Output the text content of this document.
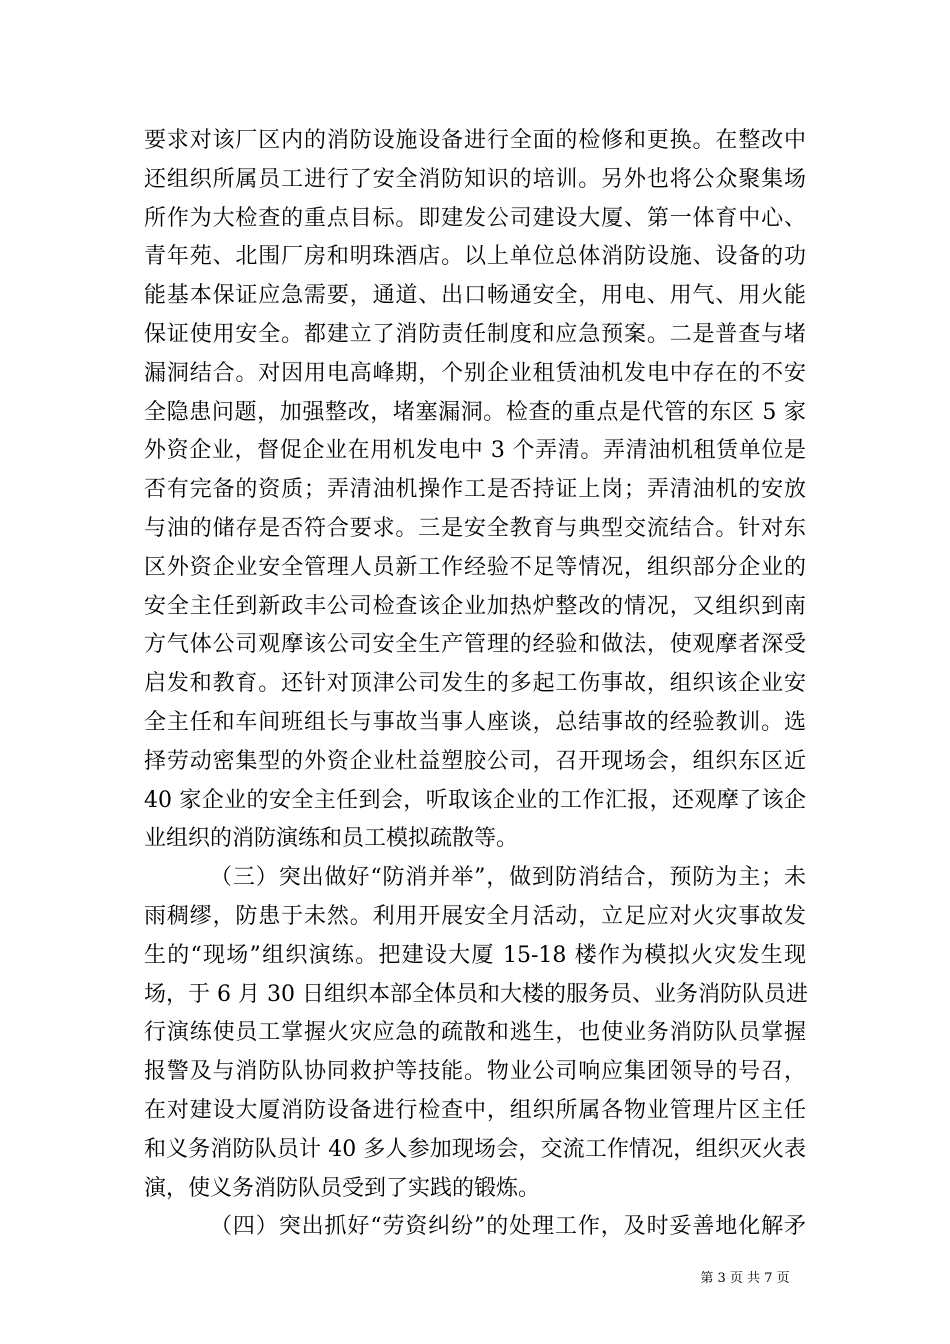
要求对该厂区内的消防设施设备进行全面的检修和更换。在整改中
还组织所属员工进行了安全消防知识的培训。另外也将公众聚集场
所作为大检查的重点目标。即建发公司建设大厦、第一体育中心、
青年苑、北围厂房和明珠酒店。以上单位总体消防设施、设备的功
能基本保证应急需要，通道、出口畅通安全，用电、用气、用火能
保证使用安全。都建立了消防责任制度和应急预案。二是普查与堵
漏洞结合。对因用电高峰期，个别企业租赁油机发电中存在的不安
全隐患问题，加强整改，堵塞漏洞。检查的重点是代管的东区 5 家
外资企业，督促企业在用机发电中 3 个弄清。弄清油机租赁单位是
否有完备的资质；弄清油机操作工是否持证上岗；弄清油机的安放
与油的储存是否符合要求。三是安全教育与典型交流结合。针对东
区外资企业安全管理人员新工作经验不足等情况，组织部分企业的
安全主任到新政丰公司检查该企业加热炉整改的情况，又组织到南
方气体公司观摩该公司安全生产管理的经验和做法，使观摩者深受
启发和教育。还针对顶津公司发生的多起工伤事故，组织该企业安
全主任和车间班组长与事故当事人座谈，总结事故的经验教训。选
择劳动密集型的外资企业杜益塑胶公司，召开现场会，组织东区近
40 家企业的安全主任到会，听取该企业的工作汇报，还观摩了该企
业组织的消防演练和员工模拟疏散等。
（三）突出做好“防消并举”，做到防消结合，预防为主；未
雨稠缪，防患于未然。利用开展安全月活动，立足应对火灾事故发
生的“现场”组织演练。把建设大厦 15-18 楼作为模拟火灾发生现
场，于 6 月 30 日组织本部全体员和大楼的服务员、业务消防队员进
行演练使员工掌握火灾应急的疏散和逃生，也使业务消防队员掌握
报警及与消防队协同救护等技能。物业公司响应集团领导的号召，
在对建设大厦消防设备进行检查中，组织所属各物业管理片区主任
和义务消防队员计 40 多人参加现场会，交流工作情况，组织灭火表
演，使义务消防队员受到了实践的锻炼。
（四）突出抓好“劳资纠纷”的处理工作，及时妥善地化解矛
第 3 页 共 7 页
